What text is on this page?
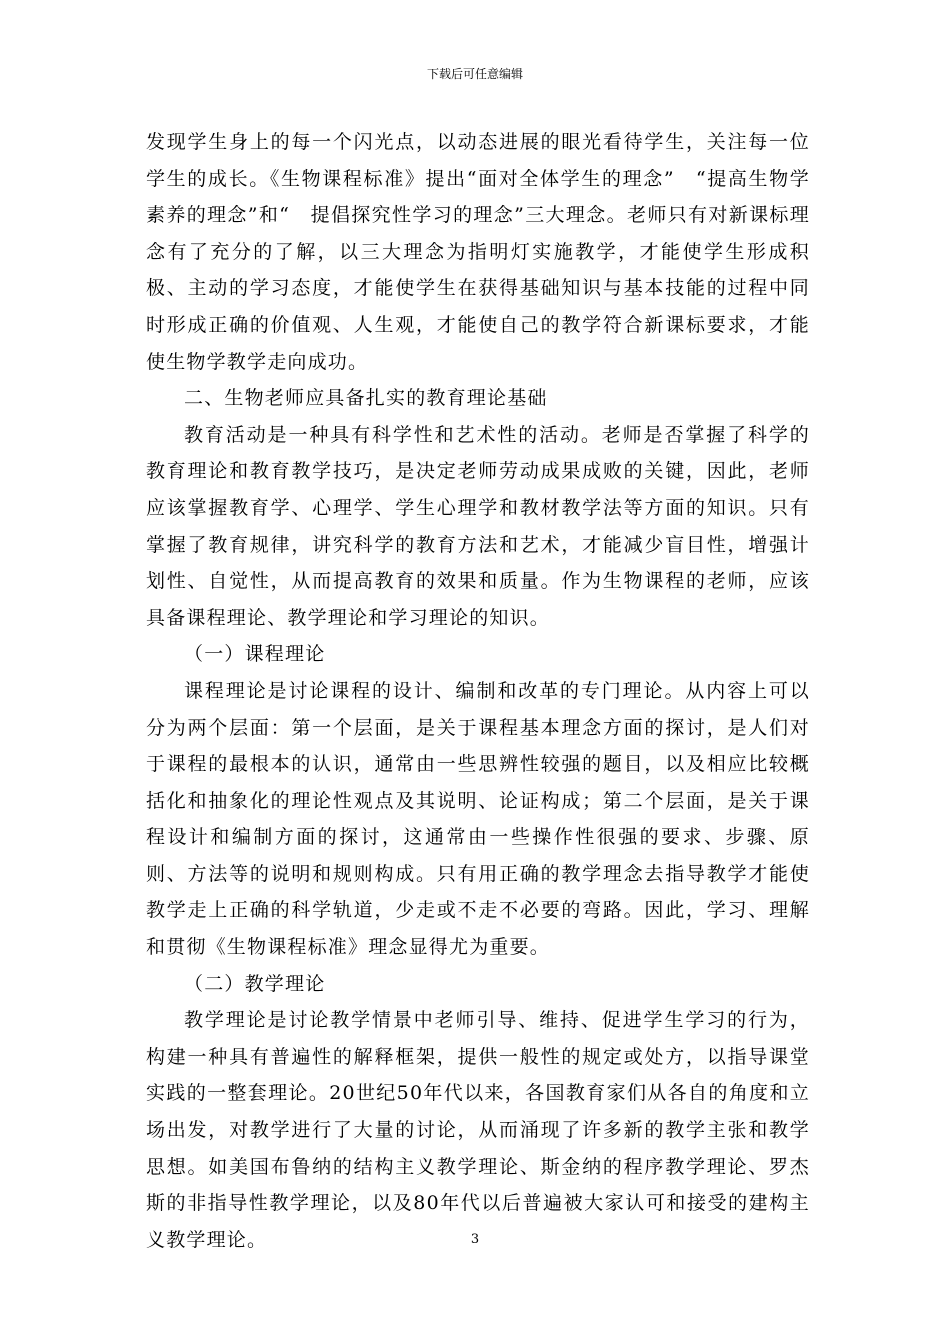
下载后可任意编辑

发现学生身上的每一个闪光点，以动态进展的眼光看待学生，关注每一位学生的成长。《生物课程标准》提出“面对全体学生的理念”　“提高生物学素养的理念”和“　提倡探究性学习的理念”三大理念。老师只有对新课标理念有了充分的了解，以三大理念为指明灯实施教学，才能使学生形成积极、主动的学习态度，才能使学生在获得基础知识与基本技能的过程中同时形成正确的价值观、人生观，才能使自己的教学符合新课标要求，才能使生物学教学走向成功。

二、生物老师应具备扎实的教育理论基础

教育活动是一种具有科学性和艺术性的活动。老师是否掌握了科学的教育理论和教育教学技巧，是决定老师劳动成果成败的关键，因此，老师应该掌握教育学、心理学、学生心理学和教材教学法等方面的知识。只有掌握了教育规律，讲究科学的教育方法和艺术，才能减少盲目性，增强计划性、自觉性，从而提高教育的效果和质量。作为生物课程的老师，应该具备课程理论、教学理论和学习理论的知识。

（一）课程理论

课程理论是讨论课程的设计、编制和改革的专门理论。从内容上可以分为两个层面：第一个层面，是关于课程基本理念方面的探讨，是人们对于课程的最根本的认识，通常由一些思辨性较强的题目，以及相应比较概括化和抽象化的理论性观点及其说明、论证构成；第二个层面，是关于课程设计和编制方面的探讨，这通常由一些操作性很强的要求、步骤、原则、方法等的说明和规则构成。只有用正确的教学理念去指导教学才能使教学走上正确的科学轨道，少走或不走不必要的弯路。因此，学习、理解和贯彻《生物课程标准》理念显得尤为重要。

（二）教学理论

教学理论是讨论教学情景中老师引导、维持、促进学生学习的行为，构建一种具有普遍性的解释框架，提供一般性的规定或处方，以指导课堂实践的一整套理论。20世纪50年代以来，各国教育家们从各自的角度和立场出发，对教学进行了大量的讨论，从而涌现了许多新的教学主张和教学思想。如美国布鲁纳的结构主义教学理论、斯金纳的程序教学理论、罗杰斯的非指导性教学理论，以及80年代以后普遍被大家认可和接受的建构主义教学理论。	3
